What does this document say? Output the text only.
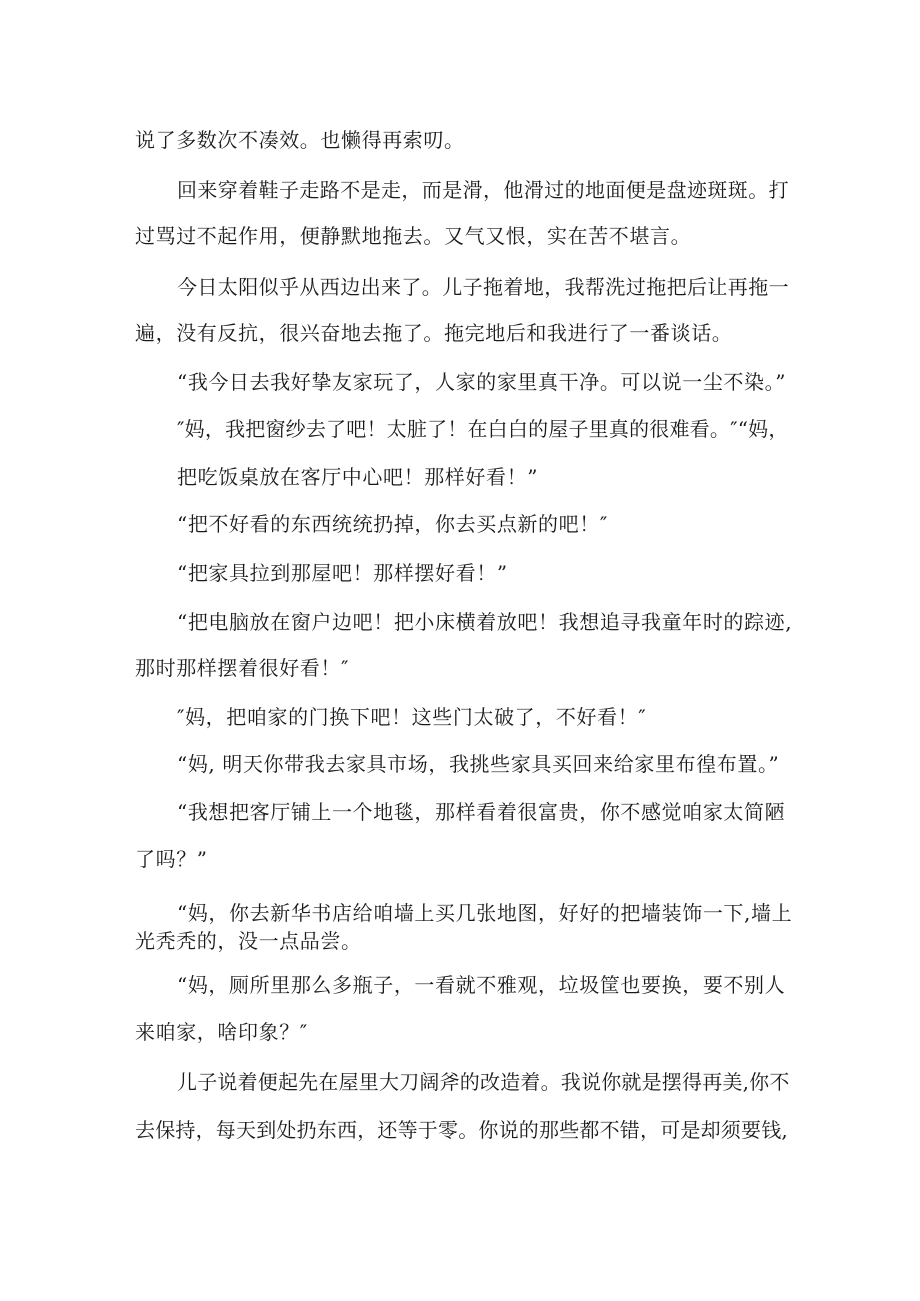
说了多数次不凑效。也懒得再索叨。
回来穿着鞋子走路不是走，而是滑，他滑过的地面便是盘迹斑斑。打
过骂过不起作用，便静默地拖去。又气又恨，实在苦不堪言。
今日太阳似乎从西边出来了。儿子拖着地，我帮洗过拖把后让再拖一
遍，没有反抗，很兴奋地去拖了。拖完地后和我进行了一番谈话。
“我今日去我好挚友家玩了，人家的家里真干净。可以说一尘不染。”
″妈，我把窗纱去了吧！太脏了！在白白的屋子里真的很难看。″“妈，
把吃饭桌放在客厅中心吧！那样好看！”
“把不好看的东西统统扔掉，你去买点新的吧！″
“把家具拉到那屋吧！那样摆好看！”
“把电脑放在窗户边吧！把小床横着放吧！我想追寻我童年时的踪迹,
那时那样摆着很好看！″
″妈，把咱家的门换下吧！这些门太破了，不好看！″
“妈, 明天你带我去家具市场，我挑些家具买回来给家里布徨布置。”
“我想把客厅铺上一个地毯，那样看着很富贵，你不感觉咱家太简陋
了吗？”
“妈，你去新华书店给咱墙上买几张地图，好好的把墙装饰一下,墙上
光秃秃的，没一点品尝。
“妈，厕所里那么多瓶子，一看就不雅观，垃圾筐也要换，要不别人
来咱家，啥印象？″
儿子说着便起先在屋里大刀阔斧的改造着。我说你就是摆得再美,你不
去保持，每天到处扔东西，还等于零。你说的那些都不错，可是却须要钱,
